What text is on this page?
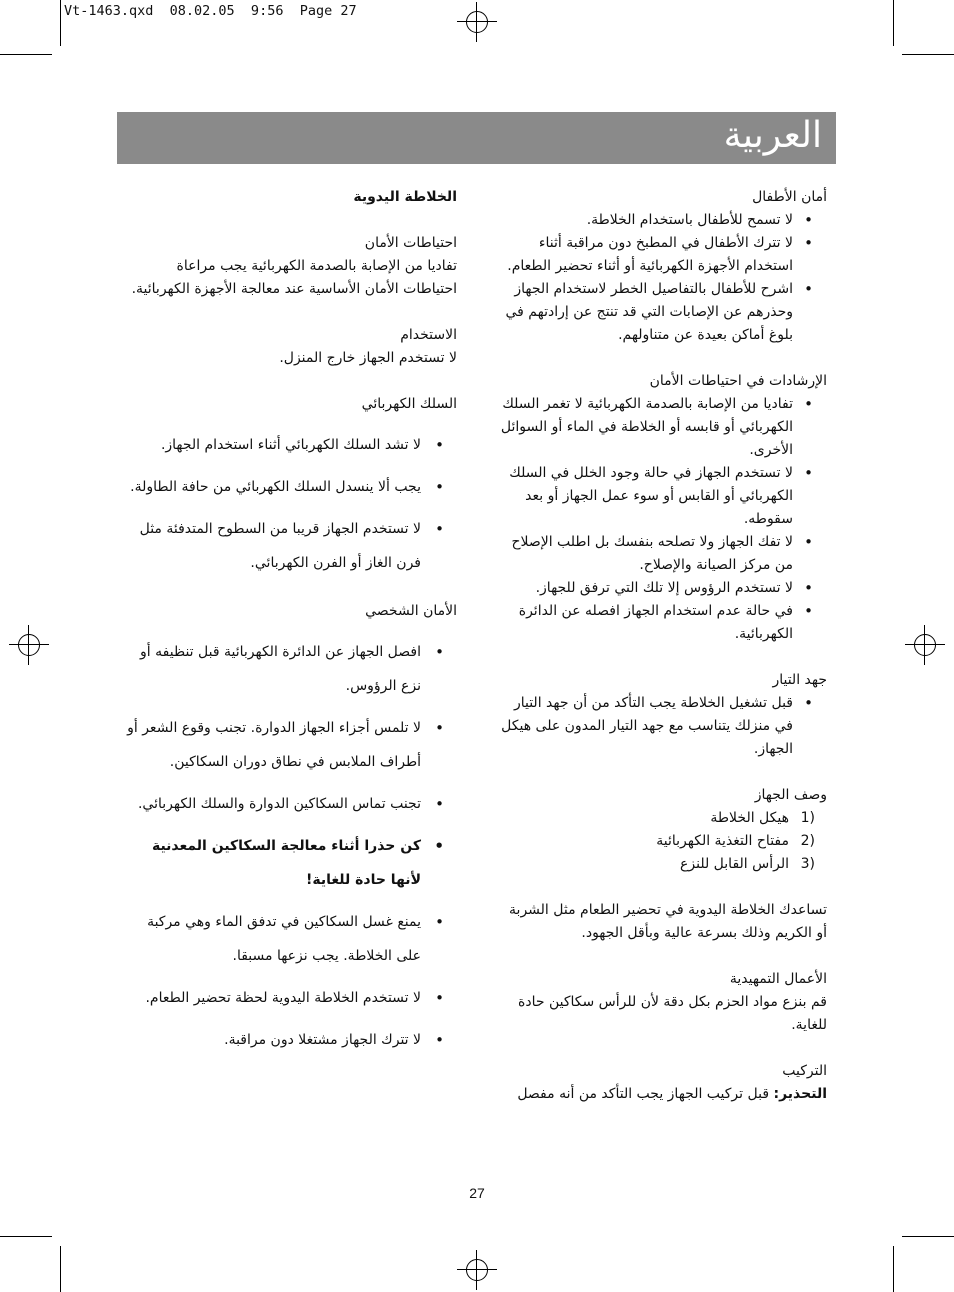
Vt-1463.qxd  08.02.05  9:56  Page 27
العربية

أمان الأطفال

• لا تسمح للأطفال باستخدام الخلاطة.
• لا تترك الأطفال في المطبخ دون مراقبة أثناء استخدام الأجهزة الكهربائية أو أثناء تحضير الطعام.
• اشرح للأطفال بالتفاصيل الخطر لاستخدام الجهاز وحذرهم عن الإصابات التي قد تنتج عن إرادتهم في بلوغ أماكن بعيدة عن متناولهم.

الإرشادات في احتياطات الأمان

• تفاديا من الإصابة بالصدمة الكهربائية لا تغمر السلك الكهربائي أو قابسه أو الخلاطة في الماء أو السوائل الأخرى.
• لا تستخدم الجهاز في حالة وجود الخلل في السلك الكهربائي أو القابس أو سوء عمل الجهاز أو بعد سقوطه.
• لا تفك الجهاز ولا تصلحه بنفسك بل اطلب الإصلاح من مركز الصيانة والإصلاح.
• لا تستخدم الرؤوس إلا تلك التي ترفق للجهاز.
• في حالة عدم استخدام الجهاز افصله عن الدائرة الكهربائية.

جهد التيار

• قبل تشغيل الخلاطة يجب التأكد من أن جهد التيار في منزلك يتناسب مع جهد التيار المدون على هيكل الجهاز.

وصف الجهاز

1)
هيكل الخلاطة
2)
مفتاح التغذية الكهربائية
3)
الرأس القابل للنزع

تساعدك الخلاطة اليدوية في تحضير الطعام مثل الشربة أو الكريم وذلك بسرعة عالية وبأقل الجهود.

الأعمال التمهيدية

قم بنزع مواد الحزم بكل دقة لأن للرأس سكاكين حادة للغاية.

التركيب

التحذير: قبل تركيب الجهاز يجب التأكد من أنه مفصل

الخلاطة اليدوية

احتياطات الأمان

تفاديا من الإصابة بالصدمة الكهربائية يجب مراعاة احتياطات الأمان الأساسية عند معالجة الأجهزة الكهربائية.

الاستخدام

لا تستخدم الجهاز خارج المنزل.

السلك الكهربائي

• لا تشد السلك الكهربائي أثناء استخدام الجهاز.
• يجب ألا ينسدل السلك الكهربائي من حافة الطاولة.
• لا تستخدم الجهاز قريبا من السطوح المتدفئة مثل فرن الغاز أو الفرن الكهربائي.

الأمان الشخصي

• افصل الجهاز عن الدائرة الكهربائية قبل تنظيفه أو نزع الرؤوس.
• لا تلمس أجزاء الجهاز الدوارة. تجنب وقوع الشعر أو أطراف الملابس في نطاق دوران السكاكين.
• تجنب تماس السكاكين الدوارة والسلك الكهربائي.
• كن حذرا أثناء معالجة السكاكين المعدنية لأنها حادة للغاية!
• يمنع غسل السكاكين في تدفق الماء وهي مركبة على الخلاطة. يجب نزعها مسبقا.
• لا تستخدم الخلاطة اليدوية لحظة تحضير الطعام.
• لا تترك الجهاز مشتغلا دون مراقبة.
27
